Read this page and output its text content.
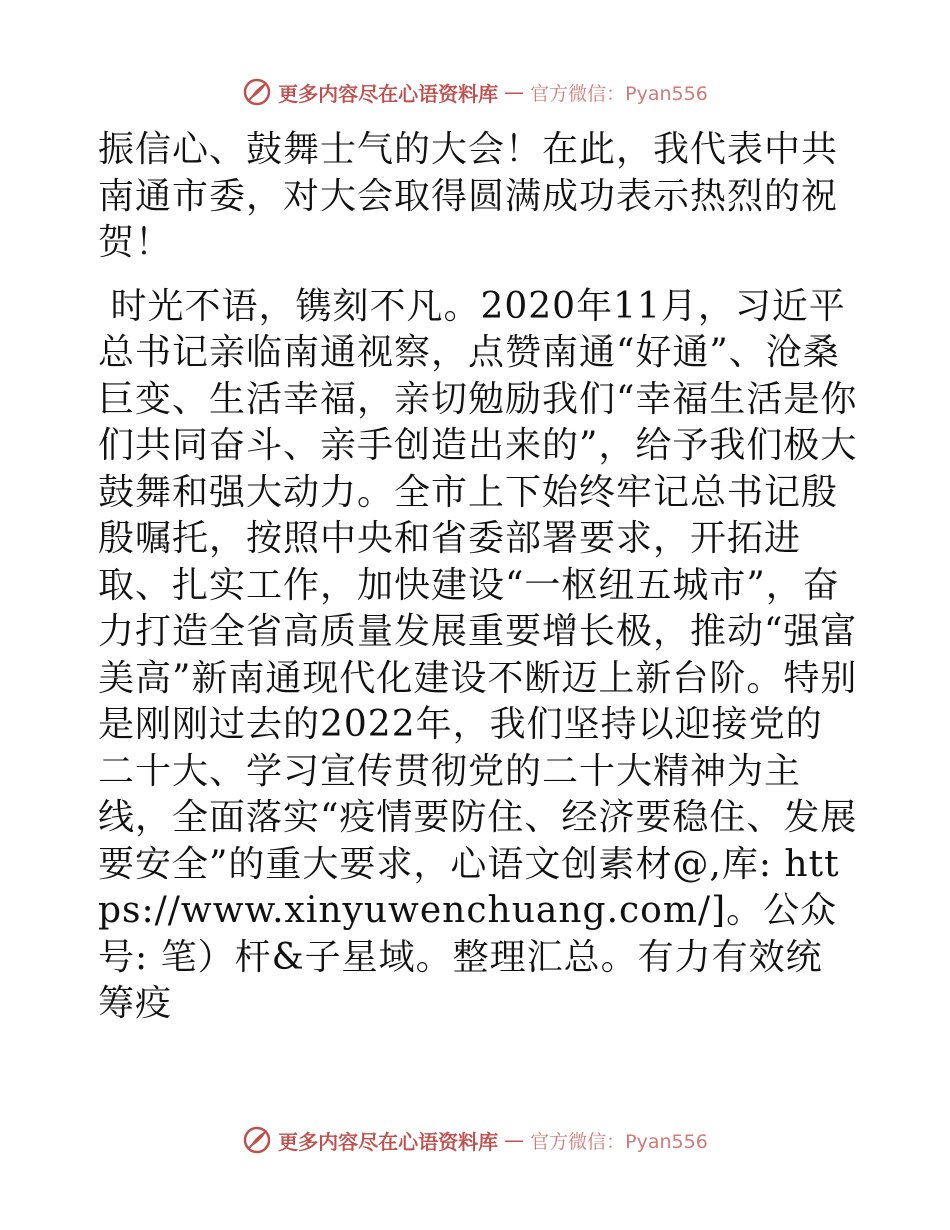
更多内容尽在心语资料库 — 官方微信：Pyan556

振信心、鼓舞士气的大会！在此，我代表中共南通市委，对大会取得圆满成功表示热烈的祝贺！

时光不语，镌刻不凡。2020年11月，习近平总书记亲临南通视察，点赞南通“好通”、沧桑巨变、生活幸福，亲切勉励我们“幸福生活是你们共同奋斗、亲手创造出来的”，给予我们极大鼓舞和强大动力。全市上下始终牢记总书记殷殷嘱托，按照中央和省委部署要求，开拓进取、扎实工作，加快建设“一枢纽五城市”，奋力打造全省高质量发展重要增长极，推动“强富美高”新南通现代化建设不断迈上新台阶。特别是刚刚过去的2022年，我们坚持以迎接党的二十大、学习宣传贯彻党的二十大精神为主线，全面落实“疫情要防住、经济要稳住、发展要安全”的重大要求，心语文创素材@,库: https://www.xinyuwenchuang.com/]。公众号: 笔）杆&子星域。整理汇总。有力有效统筹疫

更多内容尽在心语资料库 — 官方微信：Pyan556
